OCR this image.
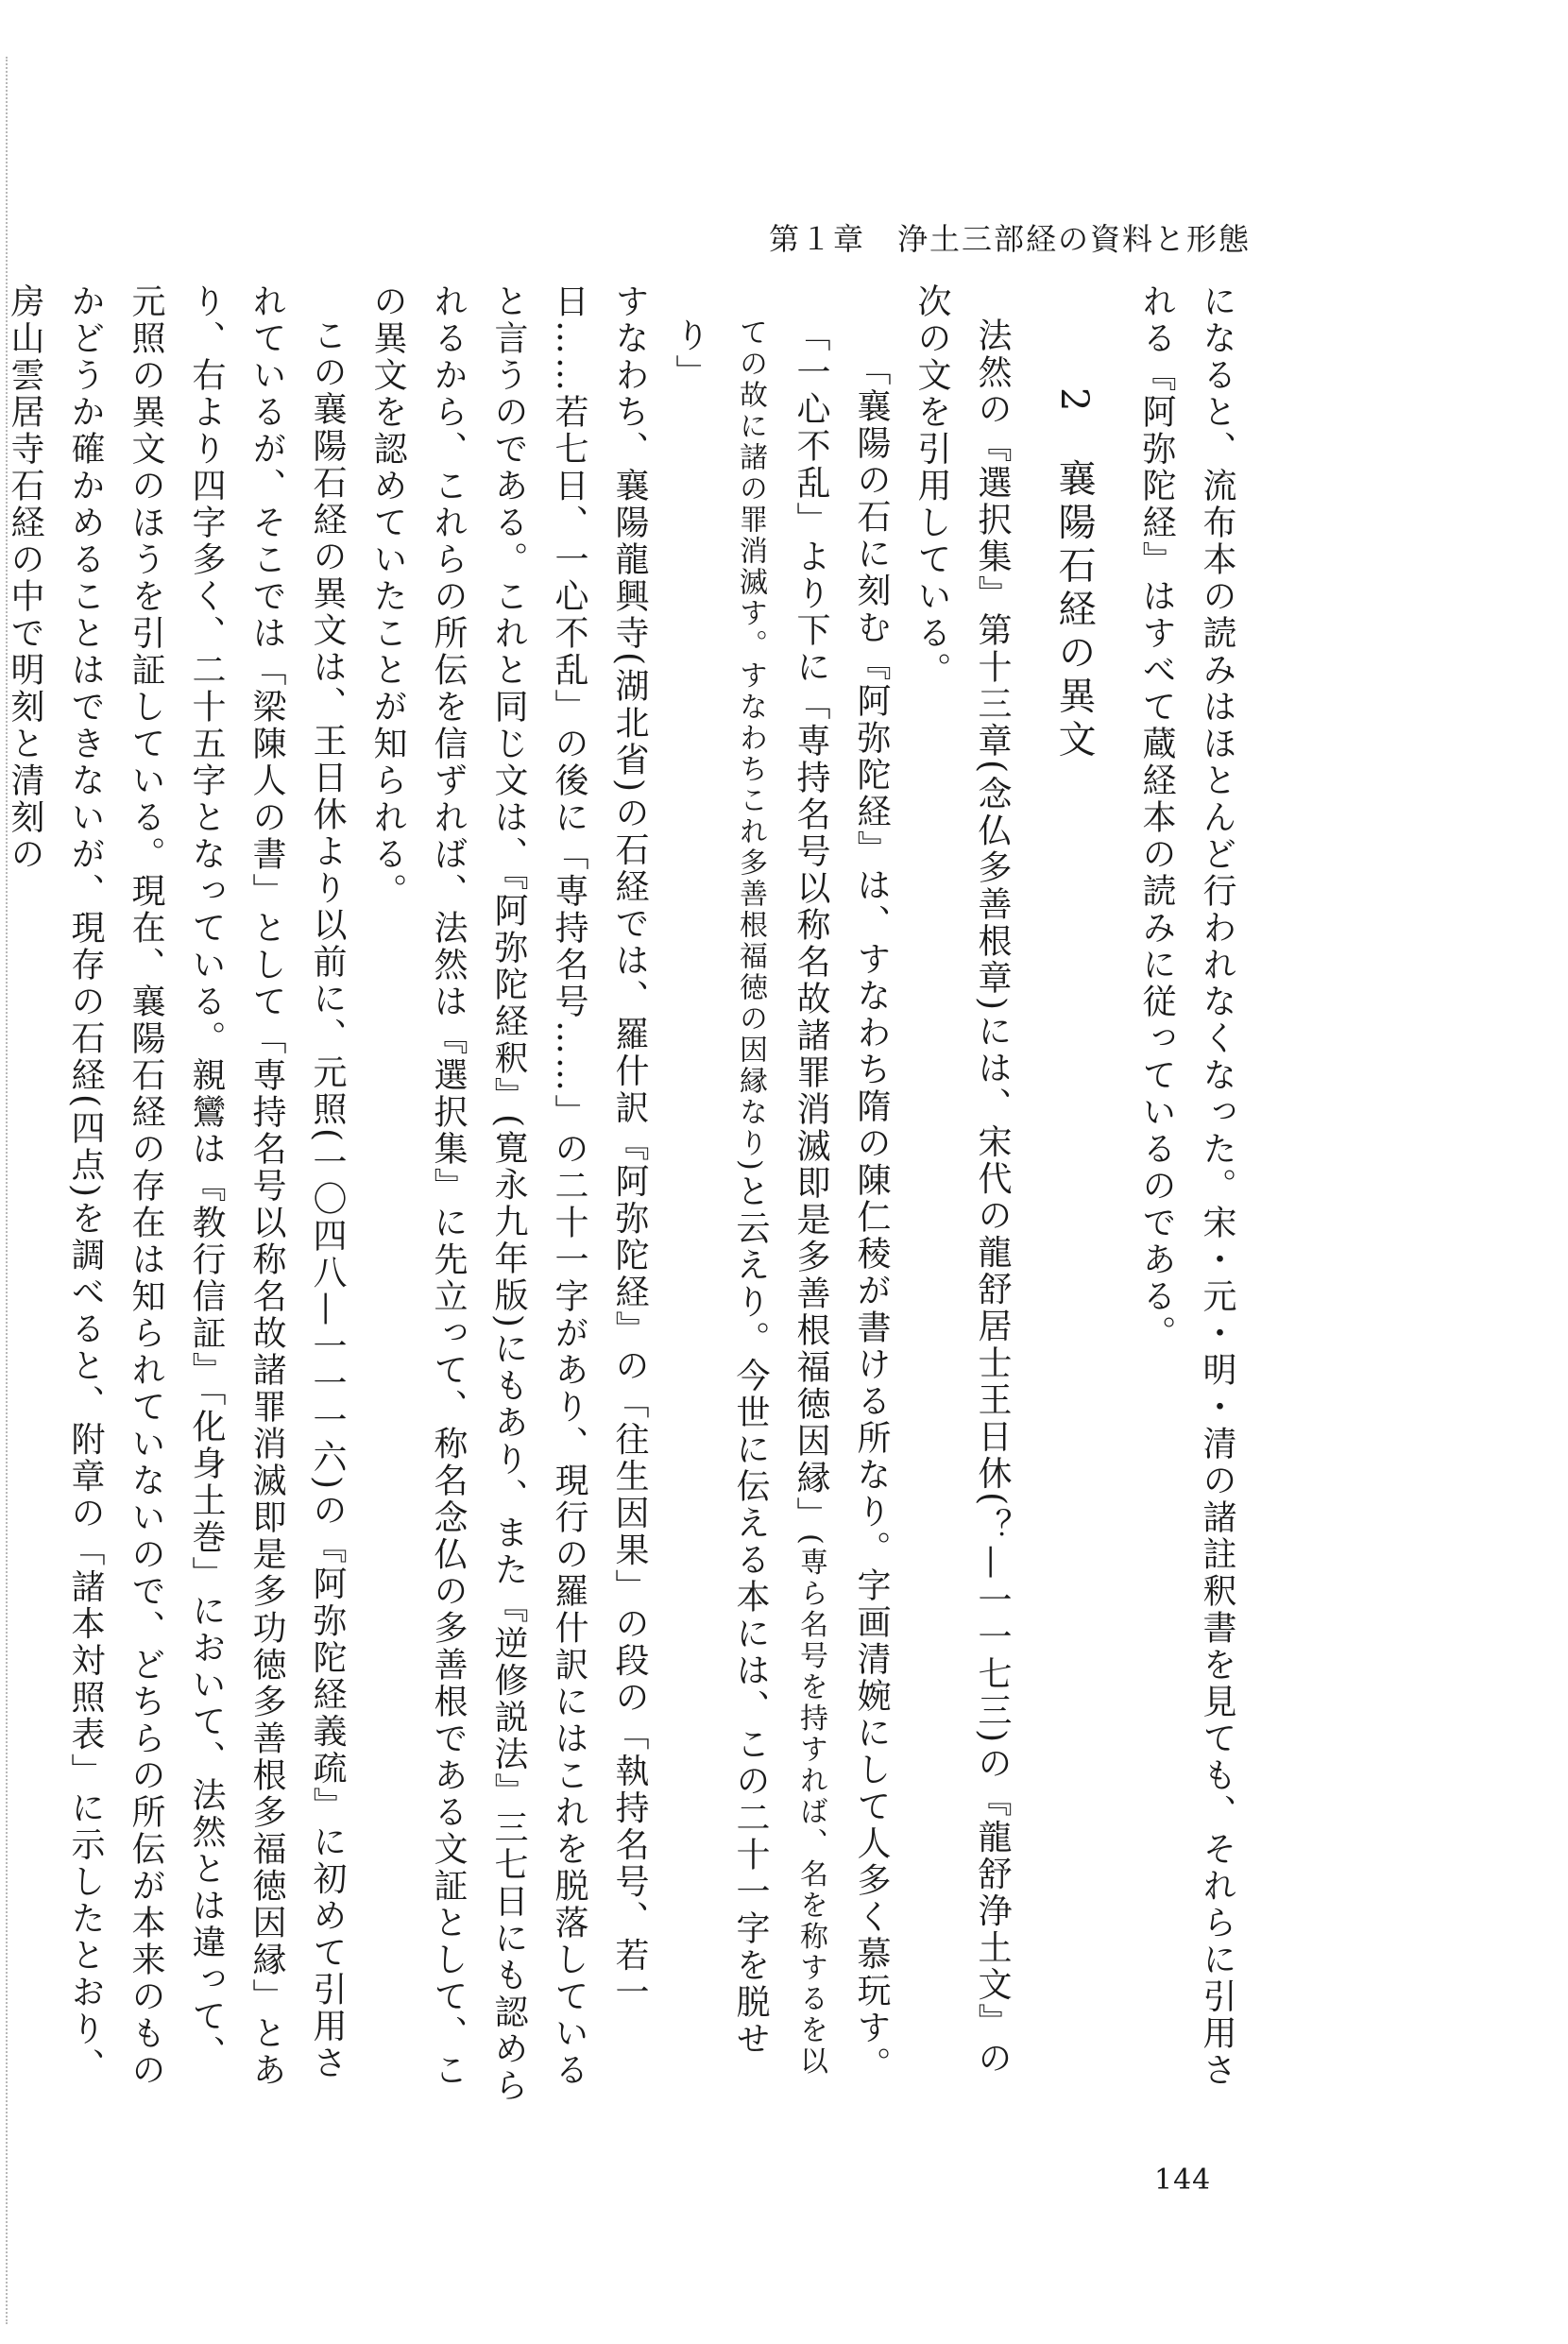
第１章　浄土三部経の資料と形態

になると、流布本の読みはほとんど行われなくなった。宋・元・明・清の諸註釈書を見ても、それらに引用される『阿弥陀経』はすべて蔵経本の読みに従っているのである。

2襄陽石経の異文

法然の『選択集』第十三章(念仏多善根章)には、宋代の龍舒居士王日休(？—一一七三)の『龍舒浄土文』の次の文を引用している。

「襄陽の石に刻む『阿弥陀経』は、すなわち隋の陳仁稜が書ける所なり。字画清婉にして人多く慕玩す。「一心不乱」より下に「専持名号以称名故諸罪消滅即是多善根福徳因縁」(専ら名号を持すれば、名を称するを以ての故に諸の罪消滅す。すなわちこれ多善根福徳の因縁なり)と云えり。今世に伝える本には、この二十一字を脱せり」

すなわち、襄陽龍興寺(湖北省)の石経では、羅什訳『阿弥陀経』の「往生因果」の段の「執持名号、若一日……若七日、一心不乱」の後に「専持名号……」の二十一字があり、現行の羅什訳にはこれを脱落していると言うのである。これと同じ文は、『阿弥陀経釈』(寛永九年版)にもあり、また『逆修説法』三七日にも認められるから、これらの所伝を信ずれば、法然は『選択集』に先立って、称名念仏の多善根である文証として、この異文を認めていたことが知られる。

この襄陽石経の異文は、王日休より以前に、元照(一〇四八—一一一六)の『阿弥陀経義疏』に初めて引用されているが、そこでは「梁陳人の書」として「専持名号以称名故諸罪消滅即是多功徳多善根多福徳因縁」とあり、右より四字多く、二十五字となっている。親鸞は『教行信証』「化身土巻」において、法然とは違って、元照の異文のほうを引証している。現在、襄陽石経の存在は知られていないので、どちらの所伝が本来のものかどうか確かめることはできないが、現存の石経(四点)を調べると、附章の「諸本対照表」に示したとおり、房山雲居寺石経の中で明刻と清刻の

144
